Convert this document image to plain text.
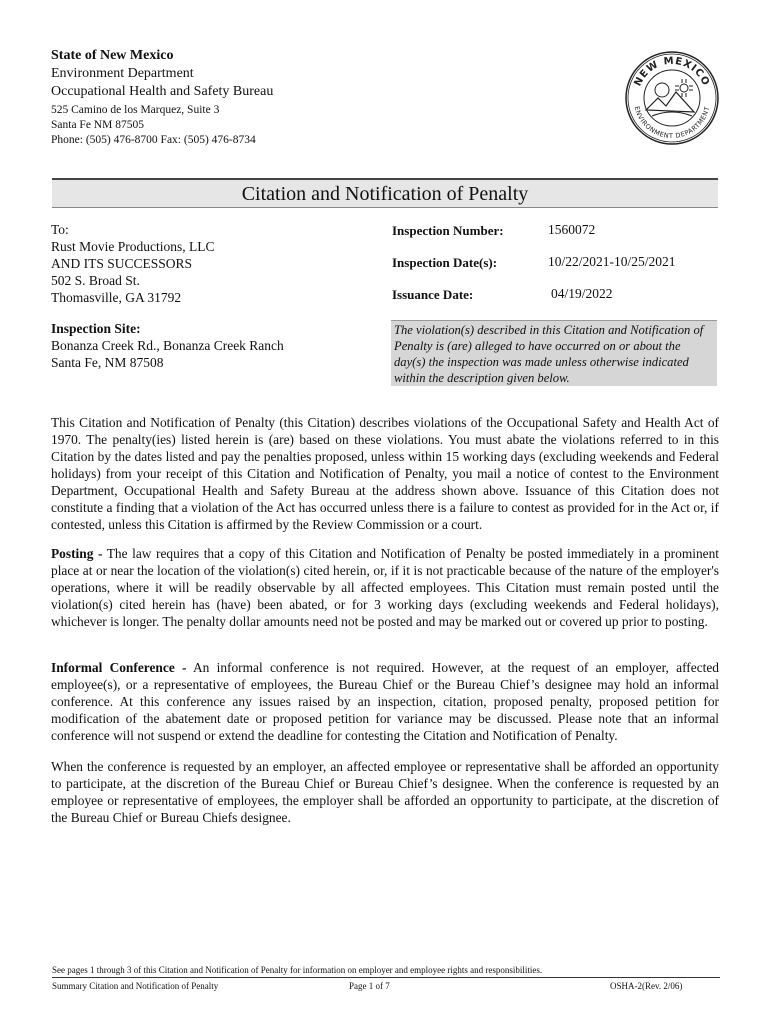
State of New Mexico
Environment Department
Occupational Health and Safety Bureau
525 Camino de los Marquez, Suite 3
Santa Fe NM 87505
Phone: (505) 476-8700 Fax: (505) 476-8734
NEW MEXICO
ENVIRONMENT DEPARTMENT
Citation and Notification of Penalty
To:
Rust Movie Productions, LLC
AND ITS SUCCESSORS
502 S. Broad St.
Thomasville, GA 31792
Inspection Site:
Bonanza Creek Rd., Bonanza Creek Ranch
Santa Fe, NM 87508
Inspection Number:	1560072
Inspection Date(s):	10/22/2021-10/25/2021
Issuance Date:	04/19/2022
The violation(s) described in this Citation and Notification of Penalty is (are) alleged to have occurred on or about the day(s) the inspection was made unless otherwise indicated within the description given below.

This Citation and Notification of Penalty (this Citation) describes violations of the Occupational Safety and Health Act of 1970. The penalty(ies) listed herein is (are) based on these violations. You must abate the violations referred to in this Citation by the dates listed and pay the penalties proposed, unless within 15 working days (excluding weekends and Federal holidays) from your receipt of this Citation and Notification of Penalty, you mail a notice of contest to the Environment Department, Occupational Health and Safety Bureau at the address shown above. Issuance of this Citation does not constitute a finding that a violation of the Act has occurred unless there is a failure to contest as provided for in the Act or, if contested, unless this Citation is affirmed by the Review Commission or a court.

Posting - The law requires that a copy of this Citation and Notification of Penalty be posted immediately in a prominent place at or near the location of the violation(s) cited herein, or, if it is not practicable because of the nature of the employer's operations, where it will be readily observable by all affected employees. This Citation must remain posted until the violation(s) cited herein has (have) been abated, or for 3 working days (excluding weekends and Federal holidays), whichever is longer. The penalty dollar amounts need not be posted and may be marked out or covered up prior to posting.

Informal Conference - An informal conference is not required. However, at the request of an employer, affected employee(s), or a representative of employees, the Bureau Chief or the Bureau Chief’s designee may hold an informal conference. At this conference any issues raised by an inspection, citation, proposed penalty, proposed petition for modification of the abatement date or proposed petition for variance may be discussed. Please note that an informal conference will not suspend or extend the deadline for contesting the Citation and Notification of Penalty.

When the conference is requested by an employer, an affected employee or representative shall be afforded an opportunity to participate, at the discretion of the Bureau Chief or Bureau Chief’s designee. When the conference is requested by an employee or representative of employees, the employer shall be afforded an opportunity to participate, at the discretion of the Bureau Chief or Bureau Chiefs designee.

See pages 1 through 3 of this Citation and Notification of Penalty for information on employer and employee rights and responsibilities.
Summary Citation and Notification of Penalty	Page 1 of 7	OSHA-2(Rev. 2/06)
